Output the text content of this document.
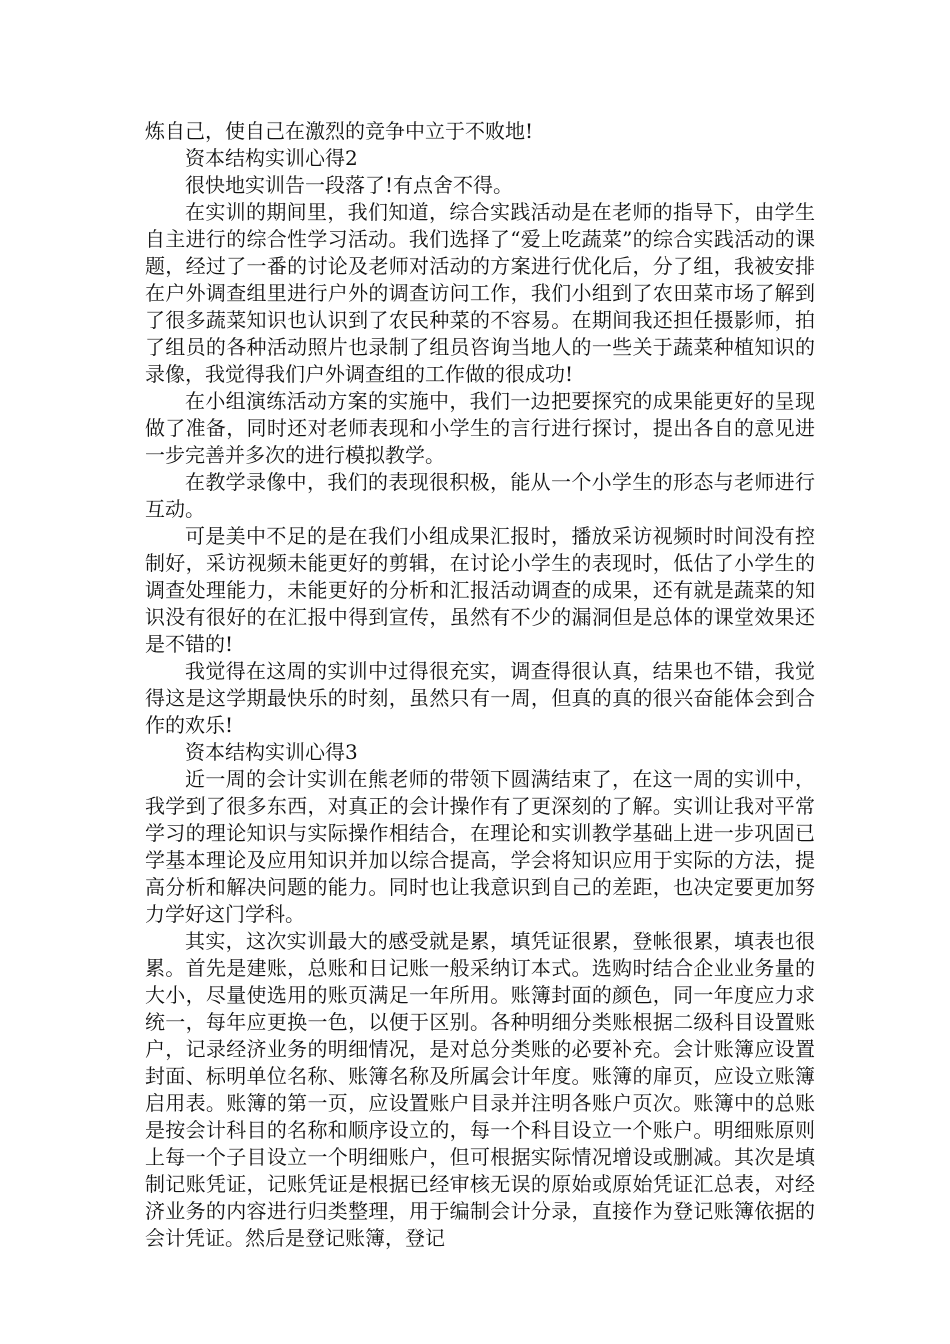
炼自己，使自己在激烈的竞争中立于不败地!

资本结构实训心得2

很快地实训告一段落了!有点舍不得。

在实训的期间里，我们知道，综合实践活动是在老师的指导下，由学生自主进行的综合性学习活动。我们选择了“爱上吃蔬菜”的综合实践活动的课题，经过了一番的讨论及老师对活动的方案进行优化后，分了组，我被安排在户外调查组里进行户外的调查访问工作，我们小组到了农田菜市场了解到了很多蔬菜知识也认识到了农民种菜的不容易。在期间我还担任摄影师，拍了组员的各种活动照片也录制了组员咨询当地人的一些关于蔬菜种植知识的录像，我觉得我们户外调查组的工作做的很成功!

在小组演练活动方案的实施中，我们一边把要探究的成果能更好的呈现做了准备，同时还对老师表现和小学生的言行进行探讨，提出各自的意见进一步完善并多次的进行模拟教学。

在教学录像中，我们的表现很积极，能从一个小学生的形态与老师进行互动。

可是美中不足的是在我们小组成果汇报时，播放采访视频时时间没有控制好，采访视频未能更好的剪辑，在讨论小学生的表现时，低估了小学生的调查处理能力，未能更好的分析和汇报活动调查的成果，还有就是蔬菜的知识没有很好的在汇报中得到宣传，虽然有不少的漏洞但是总体的课堂效果还是不错的!

我觉得在这周的实训中过得很充实，调查得很认真，结果也不错，我觉得这是这学期最快乐的时刻，虽然只有一周，但真的真的很兴奋能体会到合作的欢乐!

资本结构实训心得3

近一周的会计实训在熊老师的带领下圆满结束了，在这一周的实训中，我学到了很多东西，对真正的会计操作有了更深刻的了解。实训让我对平常学习的理论知识与实际操作相结合，在理论和实训教学基础上进一步巩固已学基本理论及应用知识并加以综合提高，学会将知识应用于实际的方法，提高分析和解决问题的能力。同时也让我意识到自己的差距，也决定要更加努力学好这门学科。

其实，这次实训最大的感受就是累，填凭证很累，登帐很累，填表也很累。首先是建账，总账和日记账一般采纳订本式。选购时结合企业业务量的大小，尽量使选用的账页满足一年所用。账簿封面的颜色，同一年度应力求统一，每年应更换一色，以便于区别。各种明细分类账根据二级科目设置账户，记录经济业务的明细情况，是对总分类账的必要补充。会计账簿应设置封面、标明单位名称、账簿名称及所属会计年度。账簿的扉页，应设立账簿启用表。账簿的第一页，应设置账户目录并注明各账户页次。账簿中的总账是按会计科目的名称和顺序设立的，每一个科目设立一个账户。明细账原则上每一个子目设立一个明细账户，但可根据实际情况增设或删减。其次是填制记账凭证，记账凭证是根据已经审核无误的原始或原始凭证汇总表，对经济业务的内容进行归类整理，用于编制会计分录，直接作为登记账簿依据的会计凭证。然后是登记账簿，登记
